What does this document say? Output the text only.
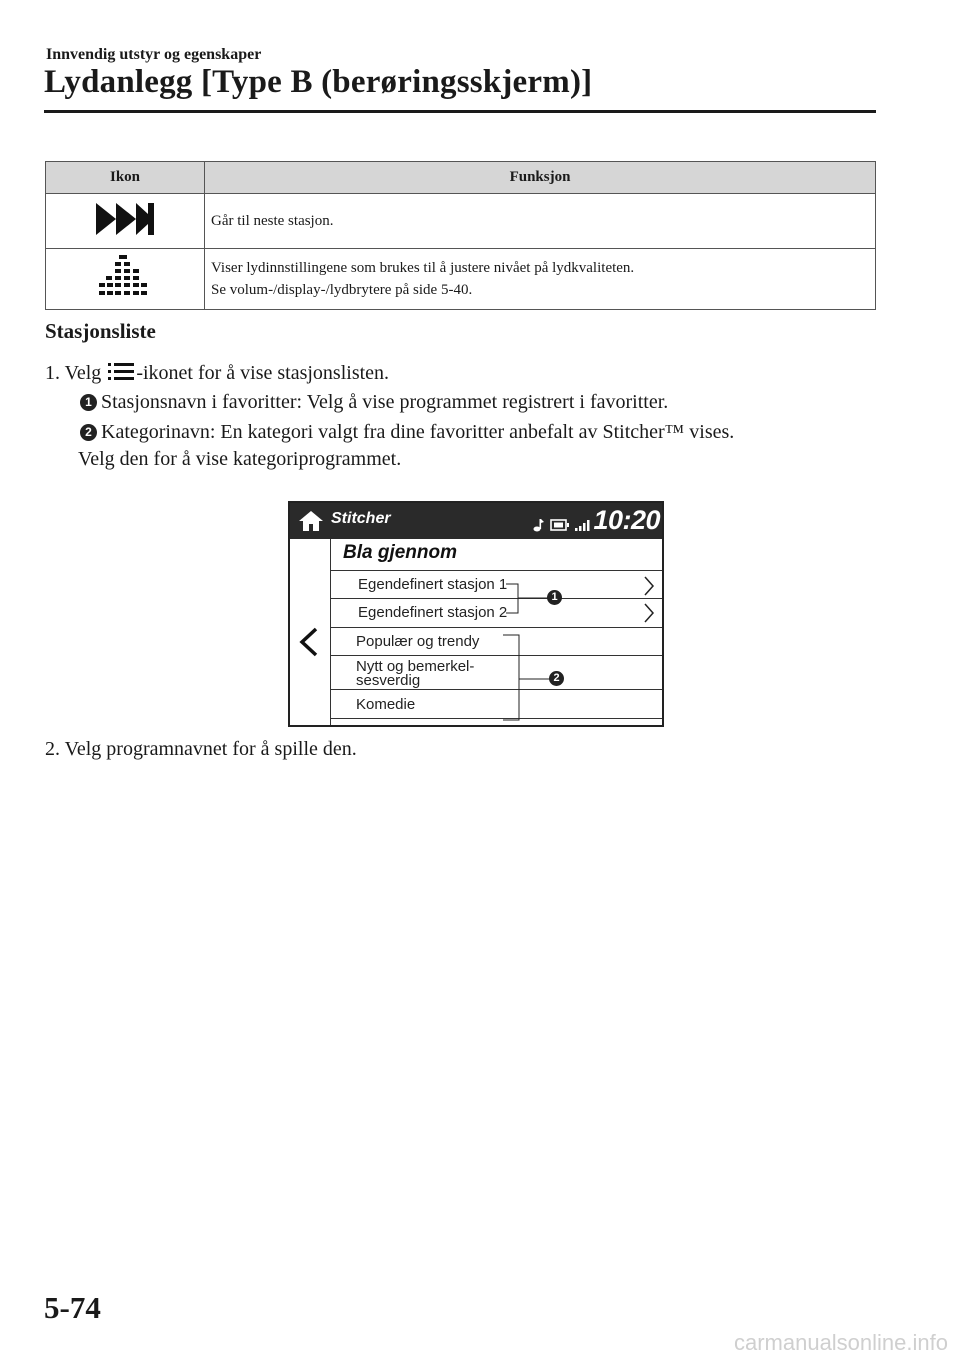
Innvendig utstyr og egenskaper
Lydanlegg [Type B (berøringsskjerm)]
Ikon	Funksjon
	Går til neste stasjon.

Viser lydinnstillingene som brukes til å justere nivået på lydkvaliteten.
Se volum-/display-/lydbrytere på side 5-40.
Stasjonsliste
1. Velg -ikonet for å vise stasjonslisten.
1 Stasjonsnavn i favoritter: Velg å vise programmet registrert i favoritter.
2 Kategorinavn: En kategori valgt fra dine favoritter anbefalt av Stitcher™ vises.
Velg den for å vise kategoriprogrammet.
Stitcher	10:20
Bla gjennom
Egendefinert stasjon 1
Egendefinert stasjon 2
Populær og trendy
Nytt og bemerkel-
sesverdig
Komedie
1
2
2. Velg programnavnet for å spille den.
5-74
carmanualsonline.info
